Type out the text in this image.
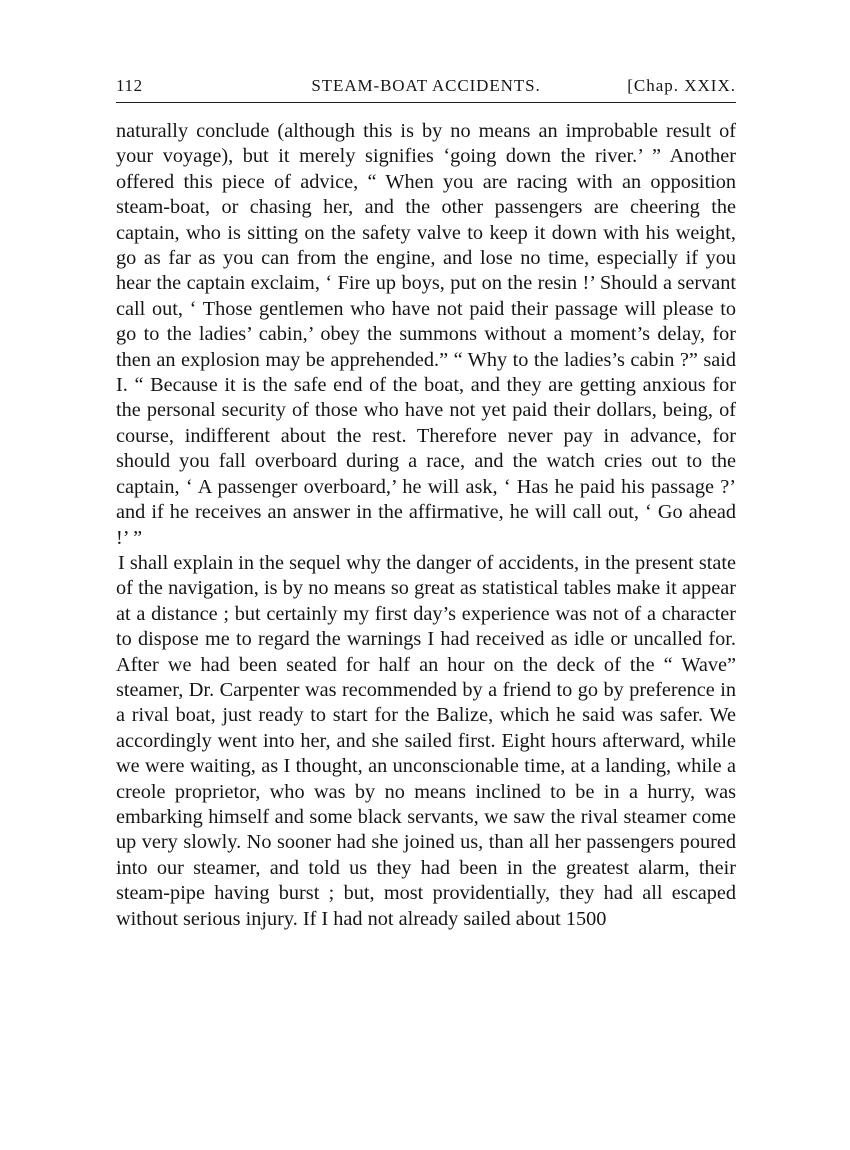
112	STEAM-BOAT ACCIDENTS.	[Chap. XXIX.

naturally conclude (although this is by no means an improbable result of your voyage), but it merely signifies ‘going down the river.’ ” Another offered this piece of advice, “ When you are racing with an opposition steam-boat, or chasing her, and the other passengers are cheering the captain, who is sitting on the safety valve to keep it down with his weight, go as far as you can from the engine, and lose no time, especially if you hear the captain exclaim, ‘ Fire up boys, put on the resin !’ Should a servant call out, ‘ Those gentlemen who have not paid their passage will please to go to the ladies’ cabin,’ obey the summons without a moment’s delay, for then an explosion may be apprehended.” “ Why to the ladies’s cabin ?” said I. “ Because it is the safe end of the boat, and they are getting anxious for the personal security of those who have not yet paid their dollars, being, of course, indifferent about the rest. Therefore never pay in advance, for should you fall overboard during a race, and the watch cries out to the captain, ‘ A passenger overboard,’ he will ask, ‘ Has he paid his passage ?’ and if he receives an answer in the affirmative, he will call out, ‘ Go ahead !’ ”

I shall explain in the sequel why the danger of accidents, in the present state of the navigation, is by no means so great as statistical tables make it appear at a distance ; but certainly my first day’s experience was not of a character to dispose me to regard the warnings I had received as idle or uncalled for. After we had been seated for half an hour on the deck of the “ Wave” steamer, Dr. Carpenter was recommended by a friend to go by preference in a rival boat, just ready to start for the Balize, which he said was safer. We accordingly went into her, and she sailed first. Eight hours afterward, while we were waiting, as I thought, an unconscionable time, at a landing, while a creole proprietor, who was by no means inclined to be in a hurry, was embarking himself and some black servants, we saw the rival steamer come up very slowly. No sooner had she joined us, than all her passengers poured into our steamer, and told us they had been in the greatest alarm, their steam-pipe having burst ; but, most providentially, they had all escaped without serious injury. If I had not already sailed about 1500
